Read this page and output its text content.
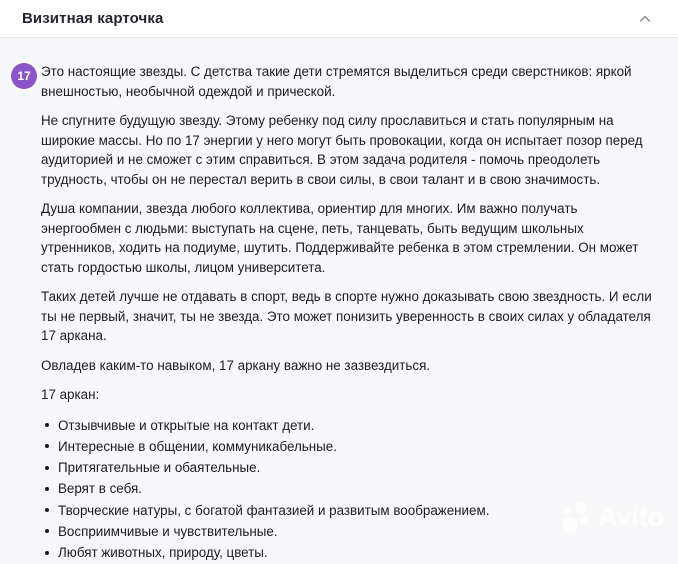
Визитная карточка
17 Это настоящие звезды. С детства такие дети стремятся выделиться среди сверстников: яркой внешностью, необычной одеждой и прической.

Не спугните будущую звезду. Этому ребенку под силу прославиться и стать популярным на широкие массы. Но по 17 энергии у него могут быть провокации, когда он испытает позор перед аудиторией и не сможет с этим справиться. В этом задача родителя - помочь преодолеть трудность, чтобы он не перестал верить в свои силы, в свои талант и в свою значимость.

Душа компании, звезда любого коллектива, ориентир для многих. Им важно получать энергообмен с людьми: выступать на сцене, петь, танцевать, быть ведущим школьных утренников, ходить на подиуме, шутить. Поддерживайте ребенка в этом стремлении. Он может стать гордостью школы, лицом университета.

Таких детей лучше не отдавать в спорт, ведь в спорте нужно доказывать свою звездность. И если ты не первый, значит, ты не звезда. Это может понизить уверенность в своих силах у обладателя 17 аркана.

Овладев каким-то навыком, 17 аркану важно не зазвездиться.

17 аркан:

Отзывчивые и открытые на контакт дети.
Интересные в общении, коммуникабельные.
Притягательные и обаятельные.
Верят в себя.
Творческие натуры, с богатой фантазией и развитым воображением.
Восприимчивые и чувствительные.
Любят животных, природу, цветы.
Avito
